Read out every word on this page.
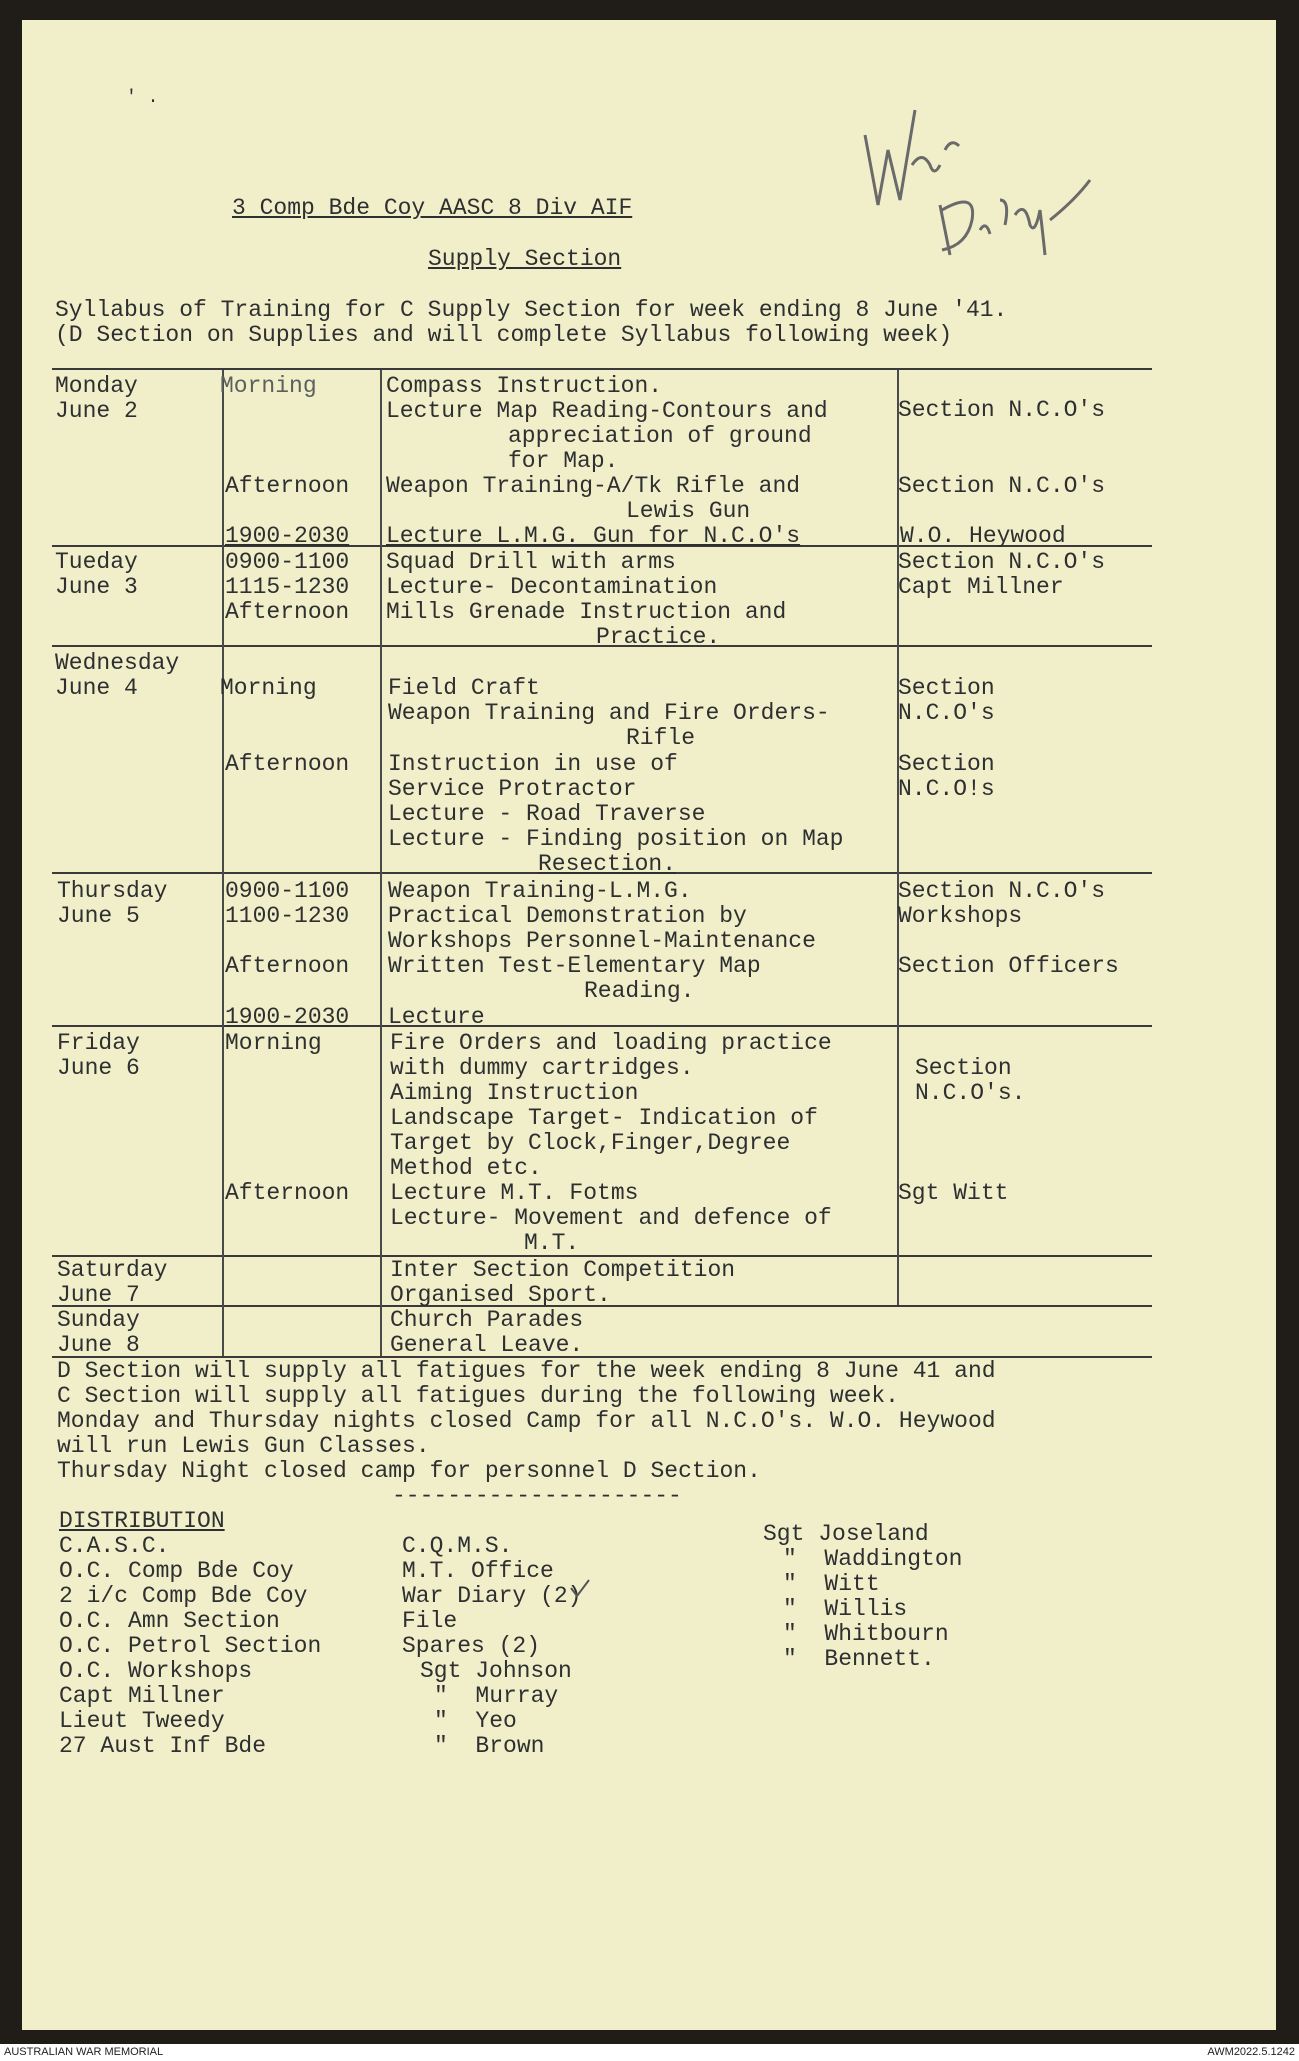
' .
War Diary
3 Comp Bde Coy AASC 8 Div AIF
Supply Section
Syllabus of Training for C Supply Section for week ending 8 June '41.
(D Section on Supplies and will complete Syllabus following week)
Monday
June 2
Morning
Afternoon
1900-2030
Compass Instruction.
Lecture Map Reading-Contours and
appreciation of ground
for Map.
Weapon Training-A/Tk Rifle and
Lewis Gun
Lecture L.M.G. Gun for N.C.O's
Section N.C.O's
Section N.C.O's
W.O. Heywood
Tueday
June 3
0900-1100
1115-1230
Afternoon
Squad Drill with arms
Lecture- Decontamination
Mills Grenade Instruction and
Practice.
Section N.C.O's
Capt Millner
Wednesday
June 4	Morning
Afternoon
Field Craft
Weapon Training and Fire Orders-
Rifle
Instruction in use of
Service Protractor
Lecture - Road Traverse
Lecture - Finding position on Map
Resection.
Section
N.C.O's
Section
N.C.O!s
Thursday
June 5
0900-1100
1100-1230
Afternoon
1900-2030
Weapon Training-L.M.G.
Practical Demonstration by
Workshops Personnel-Maintenance
Written Test-Elementary Map
Reading.
Lecture
Section N.C.O's
Workshops
Section Officers
Friday
June 6
Morning
Afternoon
Fire Orders and loading practice
with dummy cartridges.
Aiming Instruction
Landscape Target- Indication of
Target by Clock,Finger,Degree
Method etc.
Lecture M.T. Fotms
Lecture- Movement and defence of
M.T.
Section
N.C.O's.
Sgt Witt
Saturday
June 7
Inter Section Competition
Organised Sport.
Sunday
June 8
Church Parades
General Leave.
D Section will supply all fatigues for the week ending 8 June 41 and
C Section will supply all fatigues during the following week.
Monday and Thursday nights closed Camp for all N.C.O's. W.O. Heywood
will run Lewis Gun Classes.
Thursday Night closed camp for personnel D Section.
---------------------
DISTRIBUTION
C.A.S.C.
O.C. Comp Bde Coy
2 i/c Comp Bde Coy
O.C. Amn Section
O.C. Petrol Section
O.C. Workshops
Capt Millner
Lieut Tweedy
27 Aust Inf Bde
C.Q.M.S.
M.T. Office
War Diary (2)
File
Spares (2)
Sgt Johnson
"  Murray
"  Yeo
"  Brown
Sgt Joseland
"  Waddington
"  Witt
"  Willis
"  Whitbourn
"  Bennett.
AUSTRALIAN WAR MEMORIAL	AWM2022.5.1242
